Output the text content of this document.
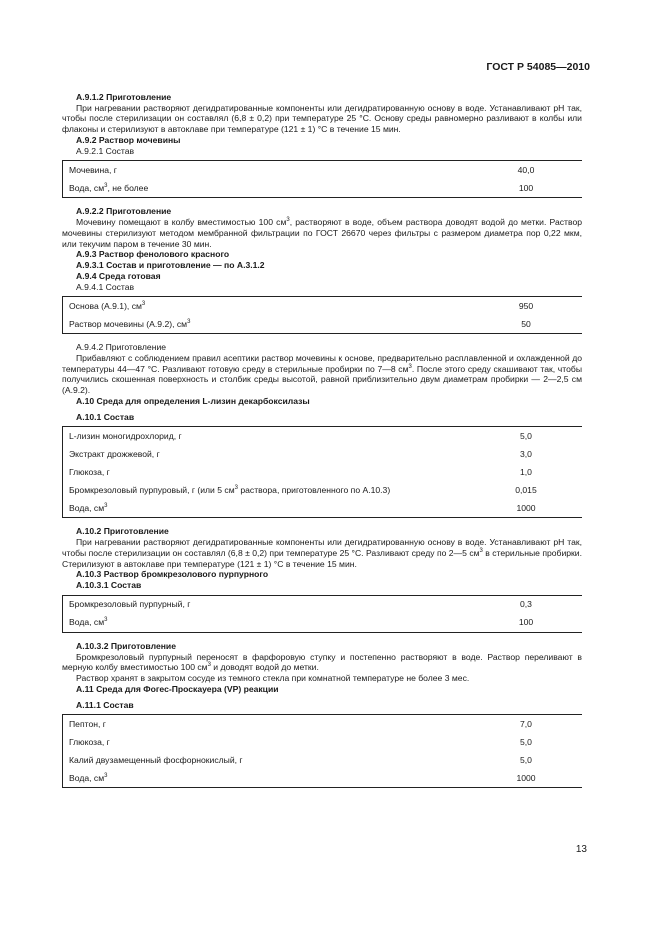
ГОСТ Р 54085—2010
А.9.1.2 Приготовление
При нагревании растворяют дегидратированные компоненты или дегидратированную основу в воде. Устанавливают pH так, чтобы после стерилизации он составлял (6,8 ± 0,2) при температуре 25 °С. Основу среды равномерно разливают в колбы или флаконы и стерилизуют в автоклаве при температуре (121 ± 1) °С в течение 15 мин.
А.9.2 Раствор мочевины
А.9.2.1 Состав
Мочевина, г	40,0
Вода, $см^3$, не более	100
А.9.2.2 Приготовление
Мочевину помещают в колбу вместимостью 100 $см^3$, растворяют в воде, объем раствора доводят водой до метки. Раствор мочевины стерилизуют методом мембранной фильтрации по ГОСТ 26670 через фильтры с размером диаметра пор 0,22 мкм, или текучим паром в течение 30 мин.
А.9.3 Раствор фенолового красного
А.9.3.1 Состав и приготовление — по А.3.1.2
А.9.4 Среда готовая
А.9.4.1 Состав
Основа (А.9.1), $см^3$	950
Раствор мочевины (А.9.2), $см^3$	50
А.9.4.2 Приготовление
Прибавляют с соблюдением правил асептики раствор мочевины к основе, предварительно расплавленной и охлажденной до температуры 44—47 °С. Разливают готовую среду в стерильные пробирки по 7—8 $см^3$. После этого среду скашивают так, чтобы получились скошенная поверхность и столбик среды высотой, равной приблизительно двум диаметрам пробирки — 2—2,5 см (А.9.2).
А.10 Среда для определения L-лизин декарбоксилазы
А.10.1 Состав
L-лизин моногидрохлорид, г	5,0
Экстракт дрожжевой, г	3,0
Глюкоза, г	1,0
Бромкрезоловый пурпуровый, г (или 5 $см^3$ раствора, приготовленного по А.10.3)	0,015
Вода, $см^3$	1000
А.10.2 Приготовление
При нагревании растворяют дегидратированные компоненты или дегидратированную основу в воде. Устанавливают pH так, чтобы после стерилизации он составлял (6,8 ± 0,2) при температуре 25 °С. Разливают среду по 2—5 $см^3$ в стерильные пробирки. Стерилизуют в автоклаве при температуре (121 ± 1) °С в течение 15 мин.
А.10.3 Раствор бромкрезолового пурпурного
А.10.3.1 Состав
Бромкрезоловый пурпурный, г	0,3
Вода, $см^3$	100
А.10.3.2 Приготовление
Бромкрезоловый пурпурный переносят в фарфоровую ступку и постепенно растворяют в воде. Раствор переливают в мерную колбу вместимостью 100 $см^3$ и доводят водой до метки.
Раствор хранят в закрытом сосуде из темного стекла при комнатной температуре не более 3 мес.
А.11 Среда для Фогес-Проскауера (VP) реакции
А.11.1 Состав
Пептон, г	7,0
Глюкоза, г	5,0
Калий двузамещенный фосфорнокислый, г	5,0
Вода, $см^3$	1000
13
